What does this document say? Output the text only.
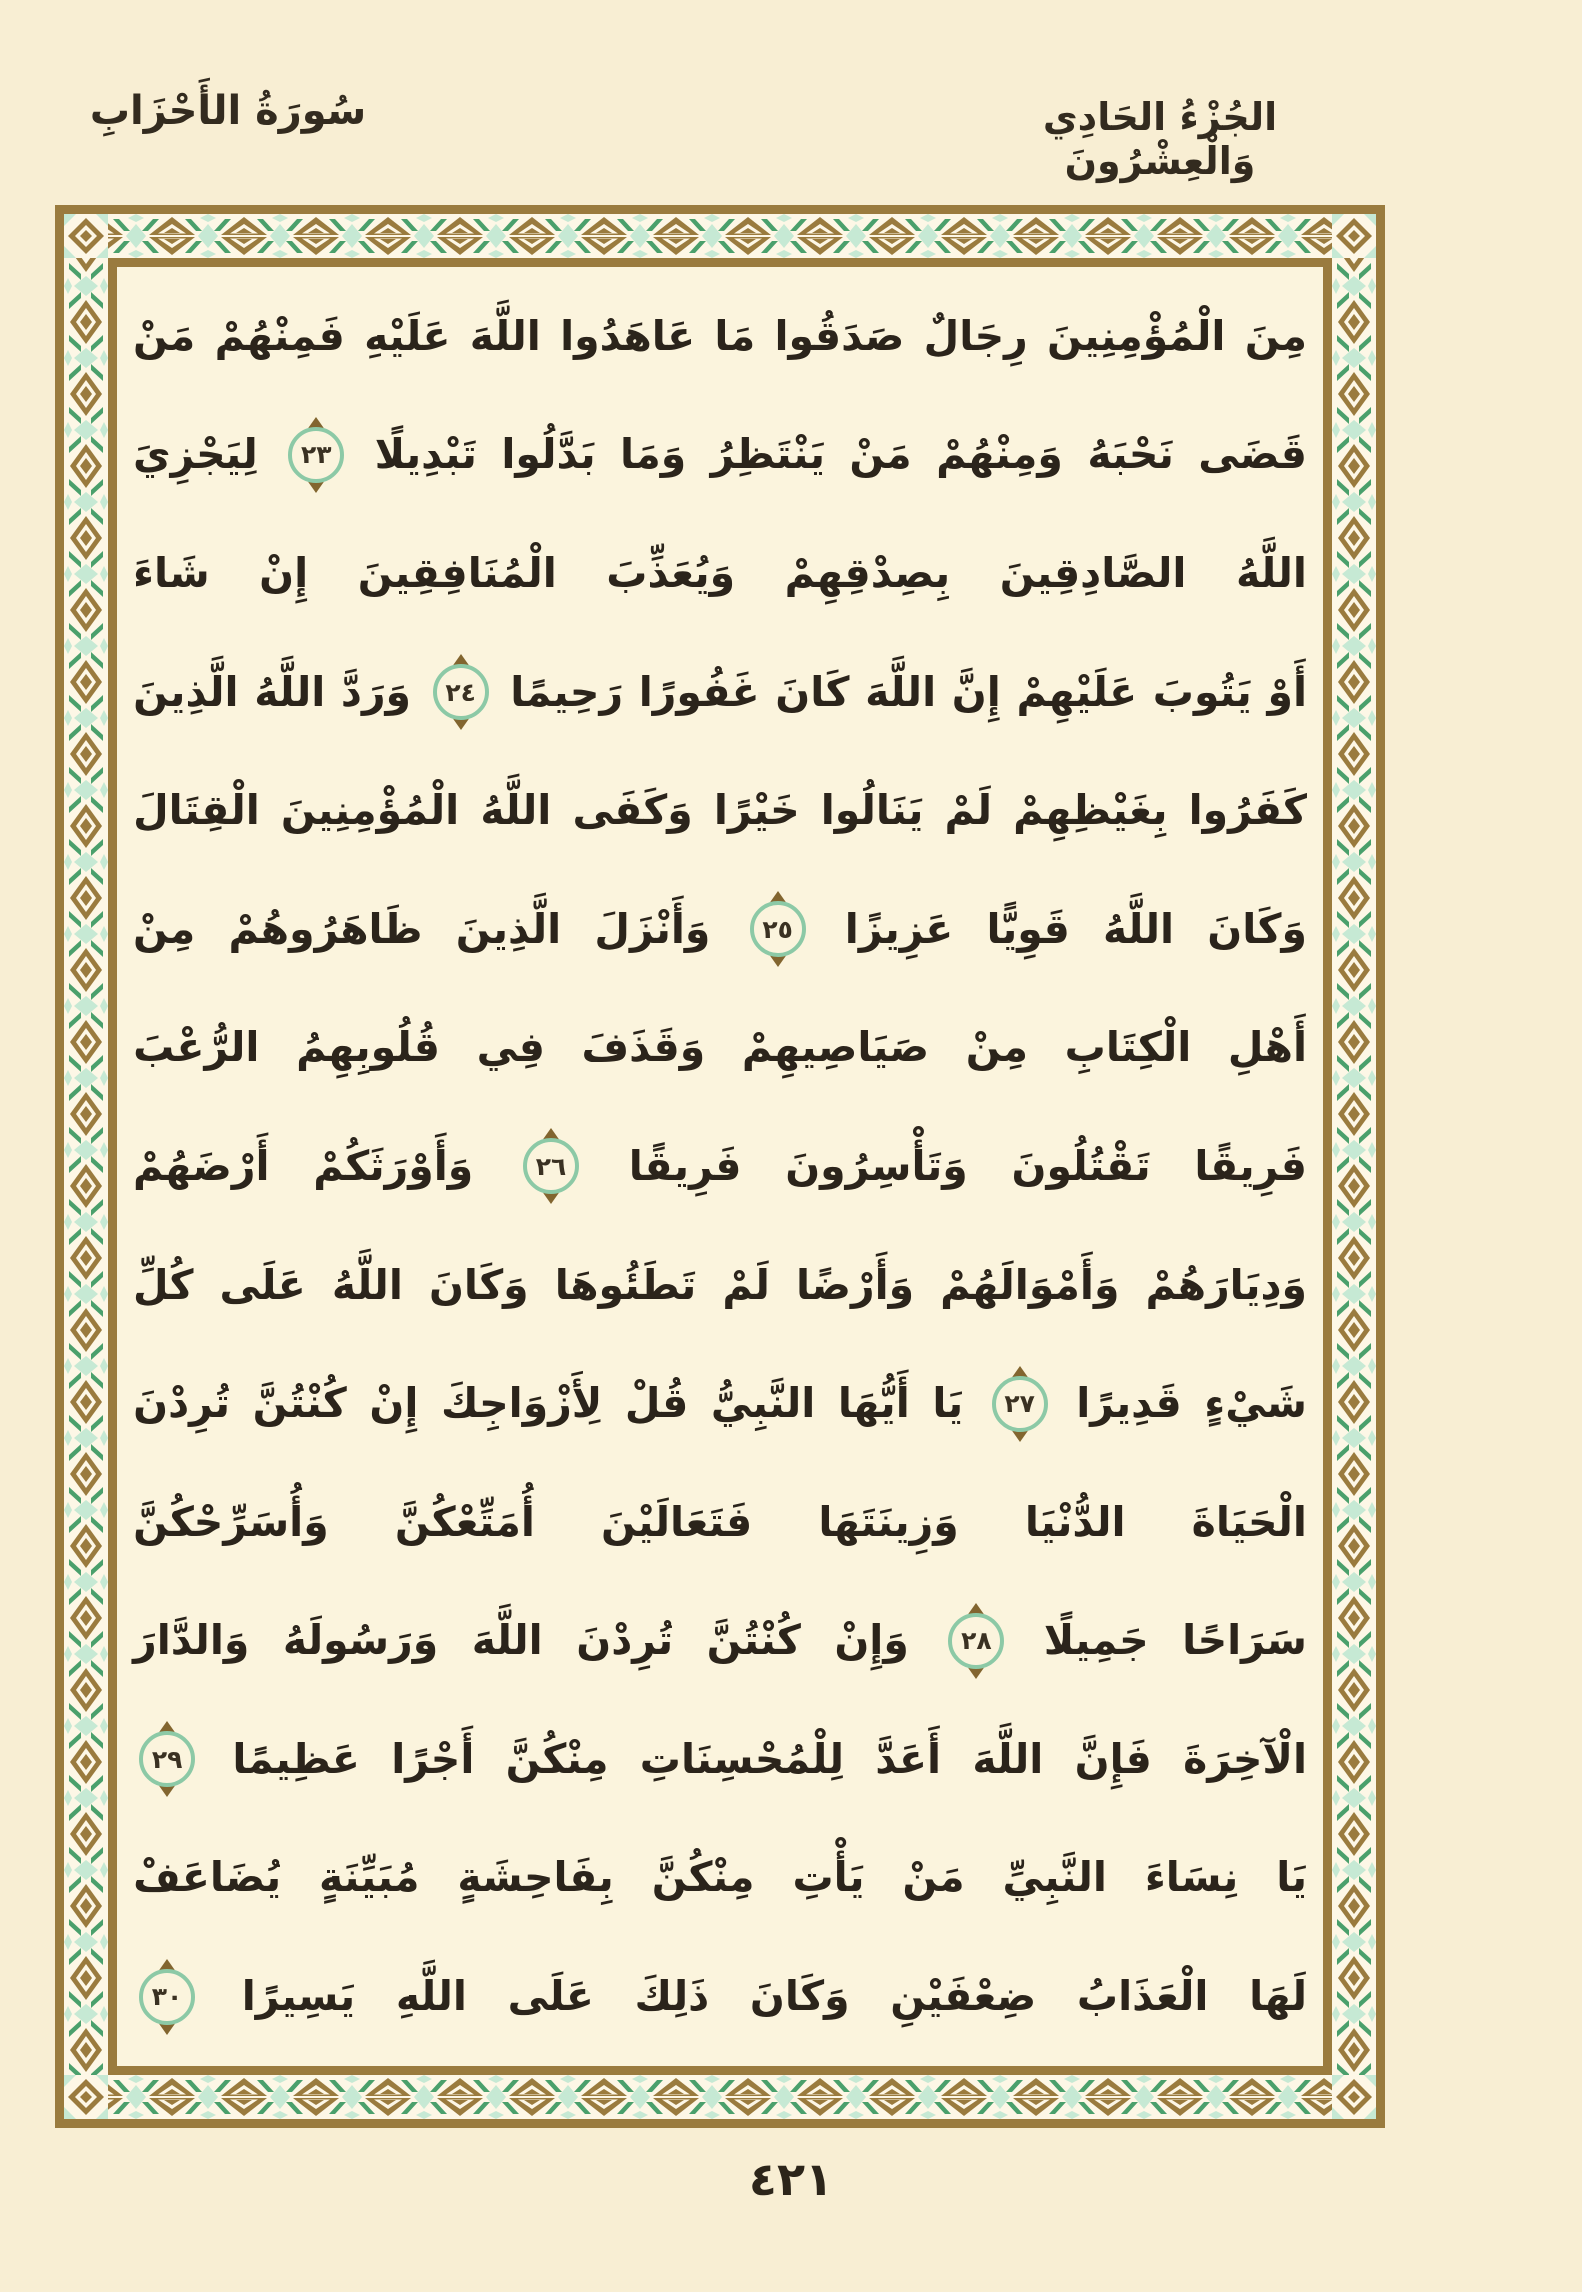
سُورَةُ الأَحْزَابِ	الجُزْءُ الحَادِي وَالْعِشْرُونَ
مِنَ
الْمُؤْمِنِينَ
رِجَالٌ
صَدَقُوا
مَا
عَاهَدُوا
اللَّهَ
عَلَيْهِ
فَمِنْهُمْ
مَنْ
قَضَى
نَحْبَهُ
وَمِنْهُمْ
مَنْ
يَنْتَظِرُ
وَمَا
بَدَّلُوا
تَبْدِيلًا
٢٣
لِيَجْزِيَ
اللَّهُ
الصَّادِقِينَ
بِصِدْقِهِمْ
وَيُعَذِّبَ
الْمُنَافِقِينَ
إِنْ
شَاءَ
أَوْ
يَتُوبَ
عَلَيْهِمْ
إِنَّ
اللَّهَ
كَانَ
غَفُورًا
رَحِيمًا
٢٤
وَرَدَّ
اللَّهُ
الَّذِينَ
كَفَرُوا
بِغَيْظِهِمْ
لَمْ
يَنَالُوا
خَيْرًا
وَكَفَى
اللَّهُ
الْمُؤْمِنِينَ
الْقِتَالَ
وَكَانَ
اللَّهُ
قَوِيًّا
عَزِيزًا
٢٥
وَأَنْزَلَ
الَّذِينَ
ظَاهَرُوهُمْ
مِنْ
أَهْلِ
الْكِتَابِ
مِنْ
صَيَاصِيهِمْ
وَقَذَفَ
فِي
قُلُوبِهِمُ
الرُّعْبَ
فَرِيقًا
تَقْتُلُونَ
وَتَأْسِرُونَ
فَرِيقًا
٢٦
وَأَوْرَثَكُمْ
أَرْضَهُمْ
وَدِيَارَهُمْ
وَأَمْوَالَهُمْ
وَأَرْضًا
لَمْ
تَطَئُوهَا
وَكَانَ
اللَّهُ
عَلَى
كُلِّ
شَيْءٍ
قَدِيرًا
٢٧
يَا
أَيُّهَا
النَّبِيُّ
قُلْ
لِأَزْوَاجِكَ
إِنْ
كُنْتُنَّ
تُرِدْنَ
الْحَيَاةَ
الدُّنْيَا
وَزِينَتَهَا
فَتَعَالَيْنَ
أُمَتِّعْكُنَّ
وَأُسَرِّحْكُنَّ
سَرَاحًا
جَمِيلًا
٢٨
وَإِنْ
كُنْتُنَّ
تُرِدْنَ
اللَّهَ
وَرَسُولَهُ
وَالدَّارَ
الْآخِرَةَ
فَإِنَّ
اللَّهَ
أَعَدَّ
لِلْمُحْسِنَاتِ
مِنْكُنَّ
أَجْرًا
عَظِيمًا
٢٩
يَا
نِسَاءَ
النَّبِيِّ
مَنْ
يَأْتِ
مِنْكُنَّ
بِفَاحِشَةٍ
مُبَيِّنَةٍ
يُضَاعَفْ
لَهَا
الْعَذَابُ
ضِعْفَيْنِ
وَكَانَ
ذَلِكَ
عَلَى
اللَّهِ
يَسِيرًا
٣٠
٤٢١
